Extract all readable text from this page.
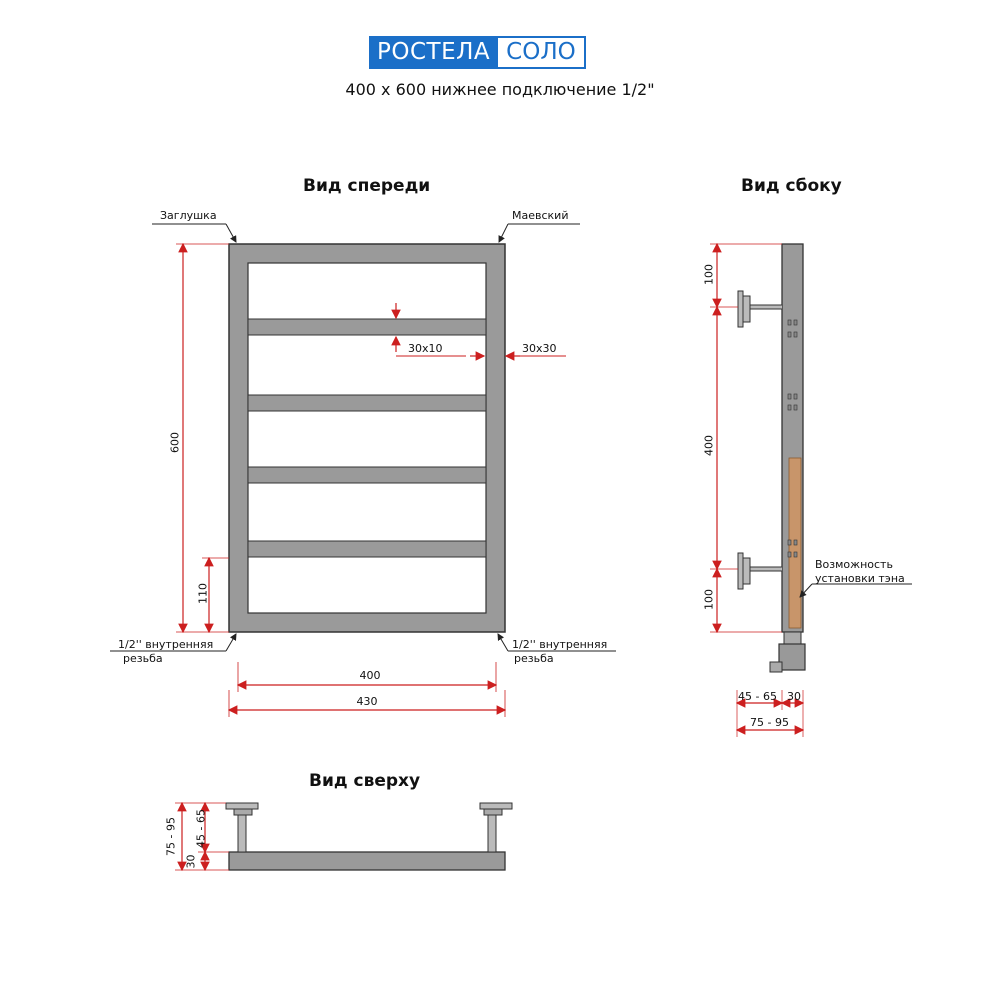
РОСТЕЛА СОЛО
400 х 600 нижнее подключение 1/2"
Вид спереди	Вид сбоку
Вид сверху
Заглушка	Маевский
1/2'' внутренняя
резьба
1/2'' внутренняя
резьба
30х10	30х30
600
110
400
430
100
400
100
Возможность
установки тэна
45 - 65 30
75 - 95
75 - 95 45 - 65
30
